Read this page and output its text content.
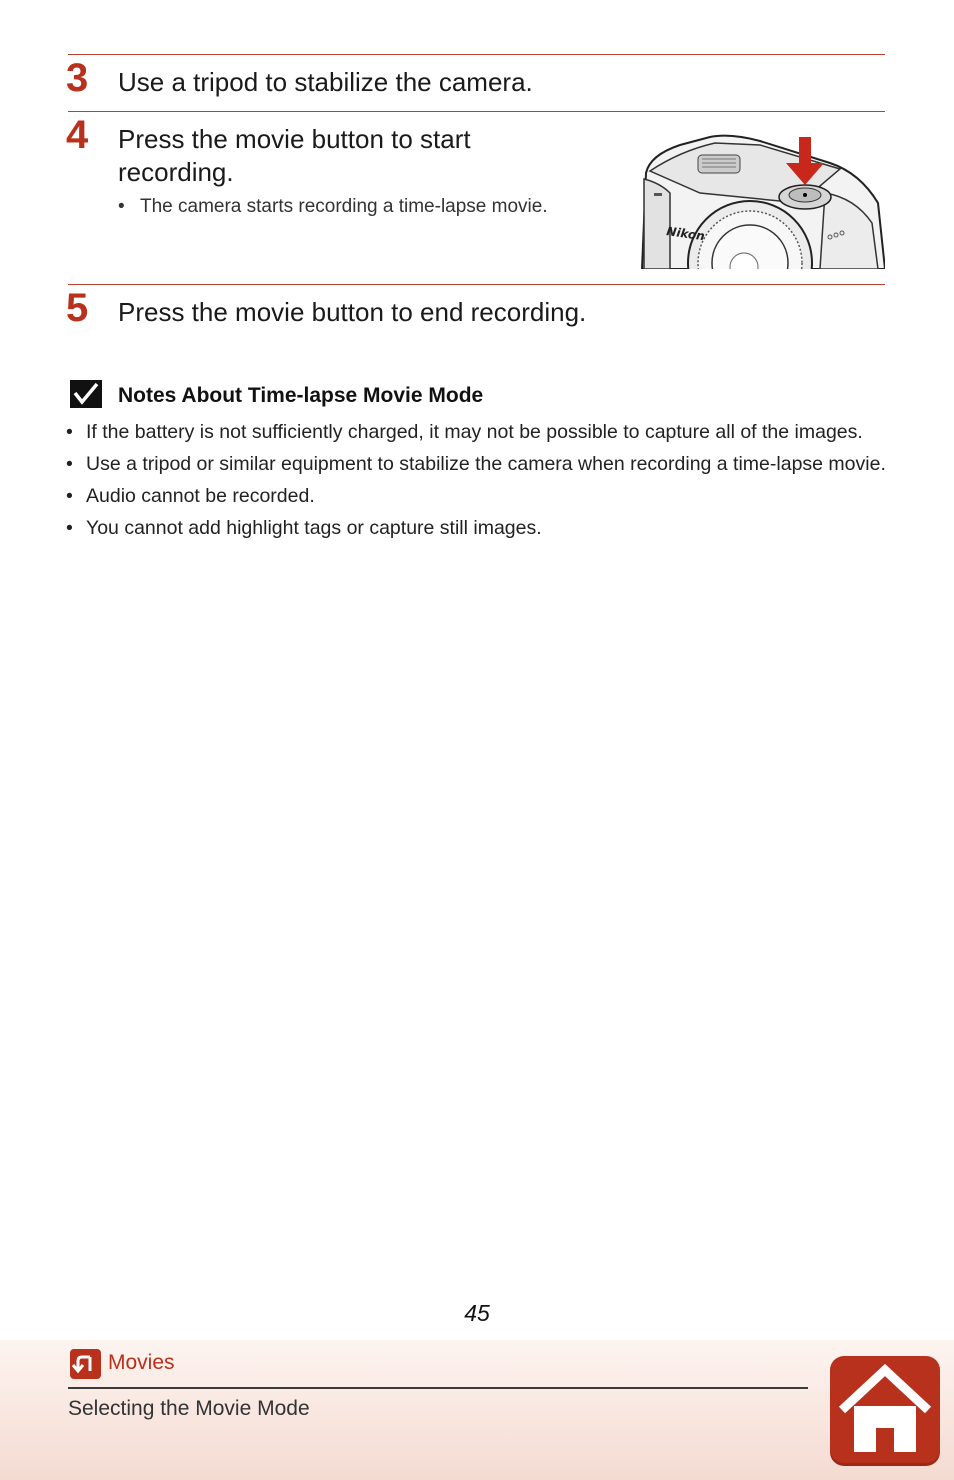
3 Use a tripod to stabilize the camera.
4 Press the movie button to start
recording.
• The camera starts recording a time-lapse movie.
Nikon
5 Press the movie button to end recording.
Notes About Time-lapse Movie Mode
• If the battery is not sufficiently charged, it may not be possible to capture all of the images.
• Use a tripod or similar equipment to stabilize the camera when recording a time-lapse movie.
• Audio cannot be recorded.
• You cannot add highlight tags or capture still images.
45
Movies
Selecting the Movie Mode
